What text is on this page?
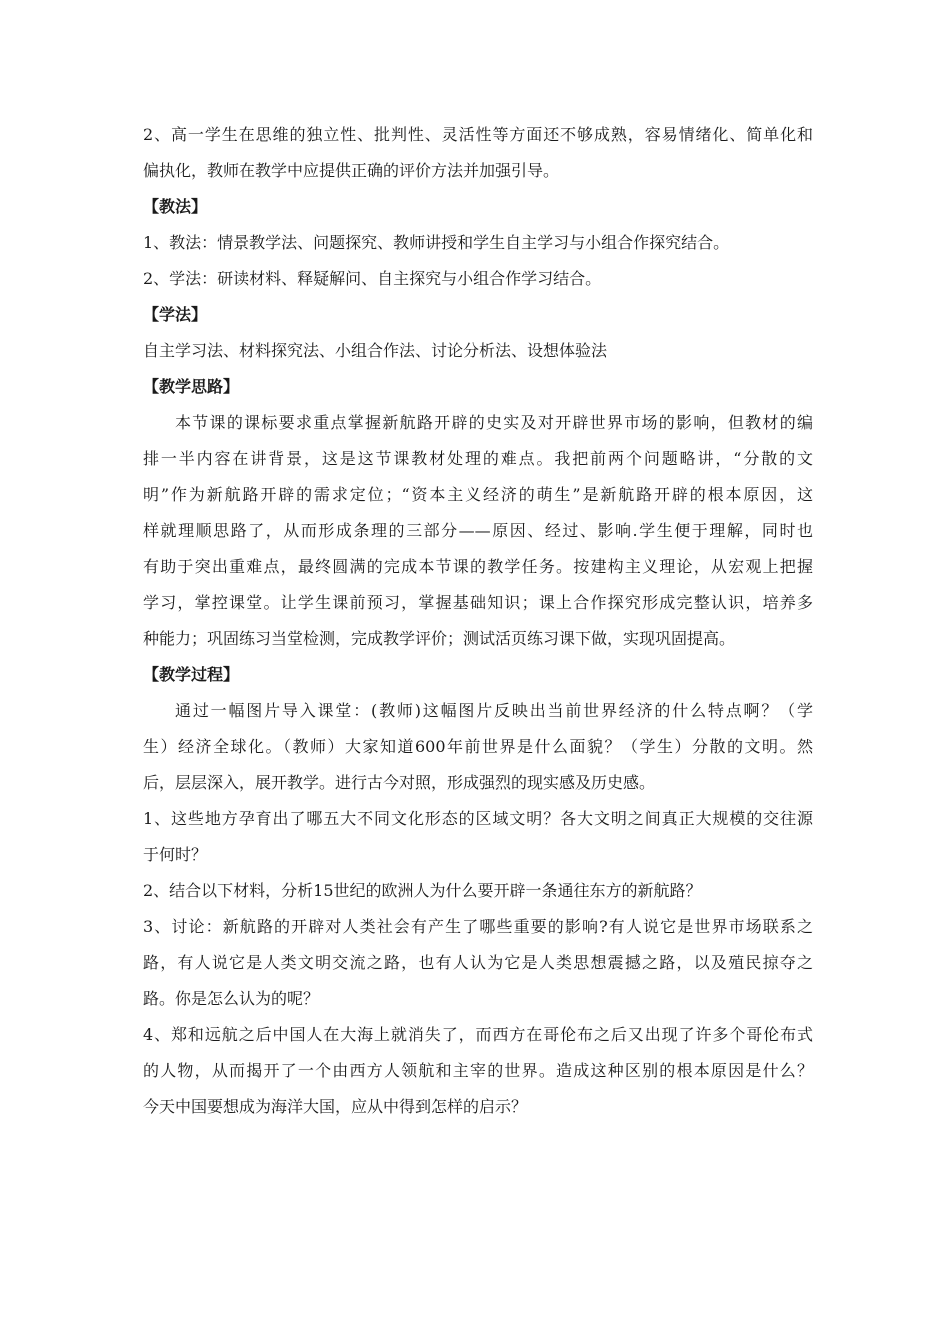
2、高一学生在思维的独立性、批判性、灵活性等方面还不够成熟，容易情绪化、简单化和
偏执化，教师在教学中应提供正确的评价方法并加强引导。
【教法】
1、教法：情景教学法、问题探究、教师讲授和学生自主学习与小组合作探究结合。
2、学法：研读材料、释疑解问、自主探究与小组合作学习结合。
【学法】
自主学习法、材料探究法、小组合作法、讨论分析法、设想体验法
【教学思路】
本节课的课标要求重点掌握新航路开辟的史实及对开辟世界市场的影响，但教材的编
排一半内容在讲背景，这是这节课教材处理的难点。我把前两个问题略讲，“分散的文
明”作为新航路开辟的需求定位；“资本主义经济的萌生”是新航路开辟的根本原因，这
样就理顺思路了，从而形成条理的三部分——原因、经过、影响.学生便于理解，同时也
有助于突出重难点，最终圆满的完成本节课的教学任务。按建构主义理论，从宏观上把握
学习，掌控课堂。让学生课前预习，掌握基础知识；课上合作探究形成完整认识，培养多
种能力；巩固练习当堂检测，完成教学评价；测试活页练习课下做，实现巩固提高。
【教学过程】
通过一幅图片导入课堂：(教师)这幅图片反映出当前世界经济的什么特点啊？（学
生）经济全球化。（教师）大家知道600年前世界是什么面貌？（学生）分散的文明。然
后，层层深入，展开教学。进行古今对照，形成强烈的现实感及历史感。
1、这些地方孕育出了哪五大不同文化形态的区域文明？各大文明之间真正大规模的交往源
于何时？
2、结合以下材料，分析15世纪的欧洲人为什么要开辟一条通往东方的新航路？
3、讨论：新航路的开辟对人类社会有产生了哪些重要的影响?有人说它是世界市场联系之
路，有人说它是人类文明交流之路，也有人认为它是人类思想震撼之路，以及殖民掠夺之
路。你是怎么认为的呢？
4、郑和远航之后中国人在大海上就消失了，而西方在哥伦布之后又出现了许多个哥伦布式
的人物，从而揭开了一个由西方人领航和主宰的世界。造成这种区别的根本原因是什么？
今天中国要想成为海洋大国，应从中得到怎样的启示？
